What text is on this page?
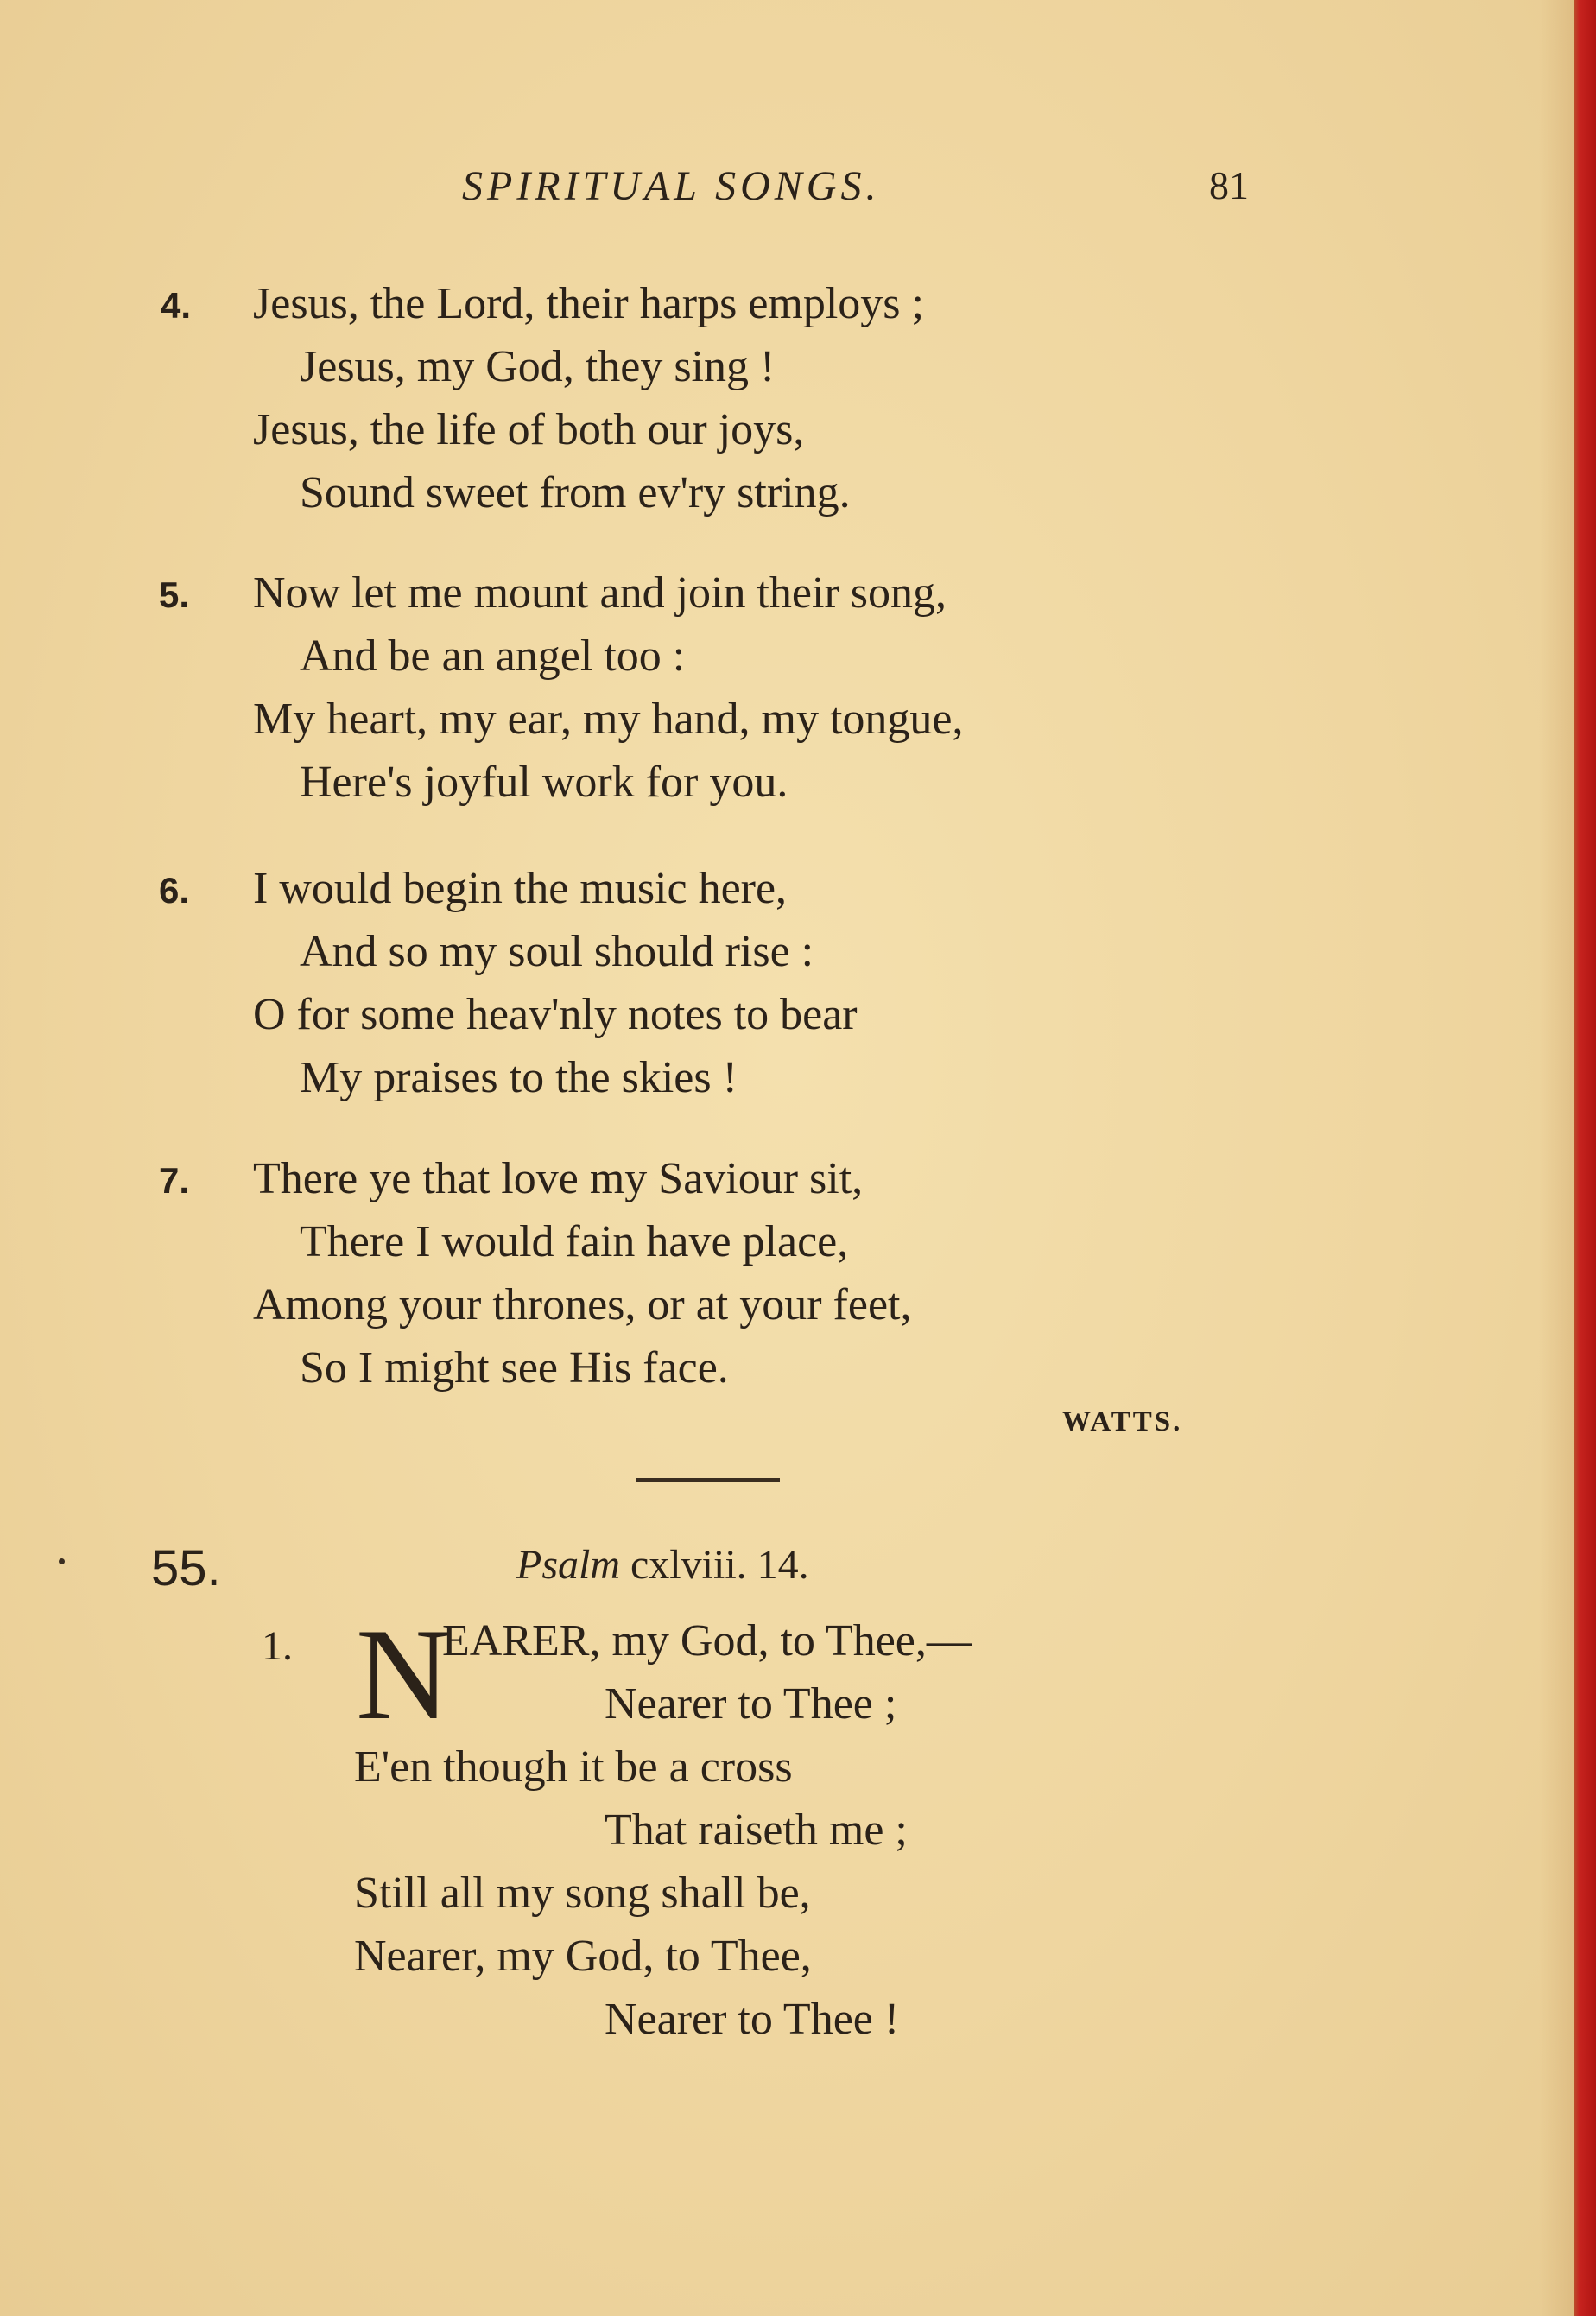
SPIRITUAL SONGS.	81
4. Jesus, the Lord, their harps employs ;
Jesus, my God, they sing !
Jesus, the life of both our joys,
Sound sweet from ev'ry string.
5. Now let me mount and join their song,
And be an angel too :
My heart, my ear, my hand, my tongue,
Here's joyful work for you.
6. I would begin the music here,
And so my soul should rise :
O for some heav'nly notes to bear
My praises to the skies !
7. There ye that love my Saviour sit,
There I would fain have place,
Among your thrones, or at your feet,
So I might see His face.
WATTS.
55.	Psalm cxlviii. 14.
1. N
EARER, my God, to Thee,—
Nearer to Thee ;
E'en though it be a cross
That raiseth me ;
Still all my song shall be,
Nearer, my God, to Thee,
Nearer to Thee !
